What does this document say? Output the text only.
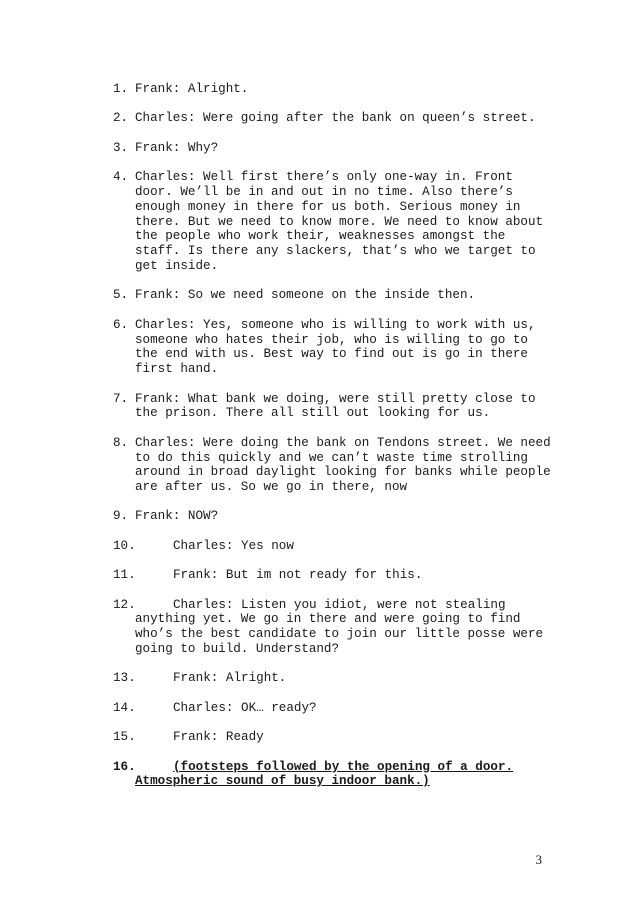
1. Frank: Alright.
2. Charles: Were going after the bank on queen’s street.
3. Frank: Why?
4. Charles: Well first there’s only one-way in. Front door. We’ll be in and out in no time. Also there’s enough money in there for us both. Serious money in there. But we need to know more. We need to know about the people who work their, weaknesses amongst the staff. Is there any slackers, that’s who we target to get inside.
5. Frank: So we need someone on the inside then.
6. Charles: Yes, someone who is willing to work with us, someone who hates their job, who is willing to go to the end with us. Best way to find out is go in there first hand.
7. Frank: What bank we doing, were still pretty close to the prison. There all still out looking for us.
8. Charles: Were doing the bank on Tendons street. We need to do this quickly and we can’t waste time strolling around in broad daylight looking for banks while people are after us. So we go in there, now
9. Frank: NOW?
10.	Charles: Yes now
11.	Frank: But im not ready for this.
12.	Charles: Listen you idiot, were not stealing anything yet. We go in there and were going to find who’s the best candidate to join our little posse were going to build. Understand?
13.	Frank: Alright.
14.	Charles: OK… ready?
15.	Frank: Ready
16.	(footsteps followed by the opening of a door. Atmospheric sound of busy indoor bank.)
3
